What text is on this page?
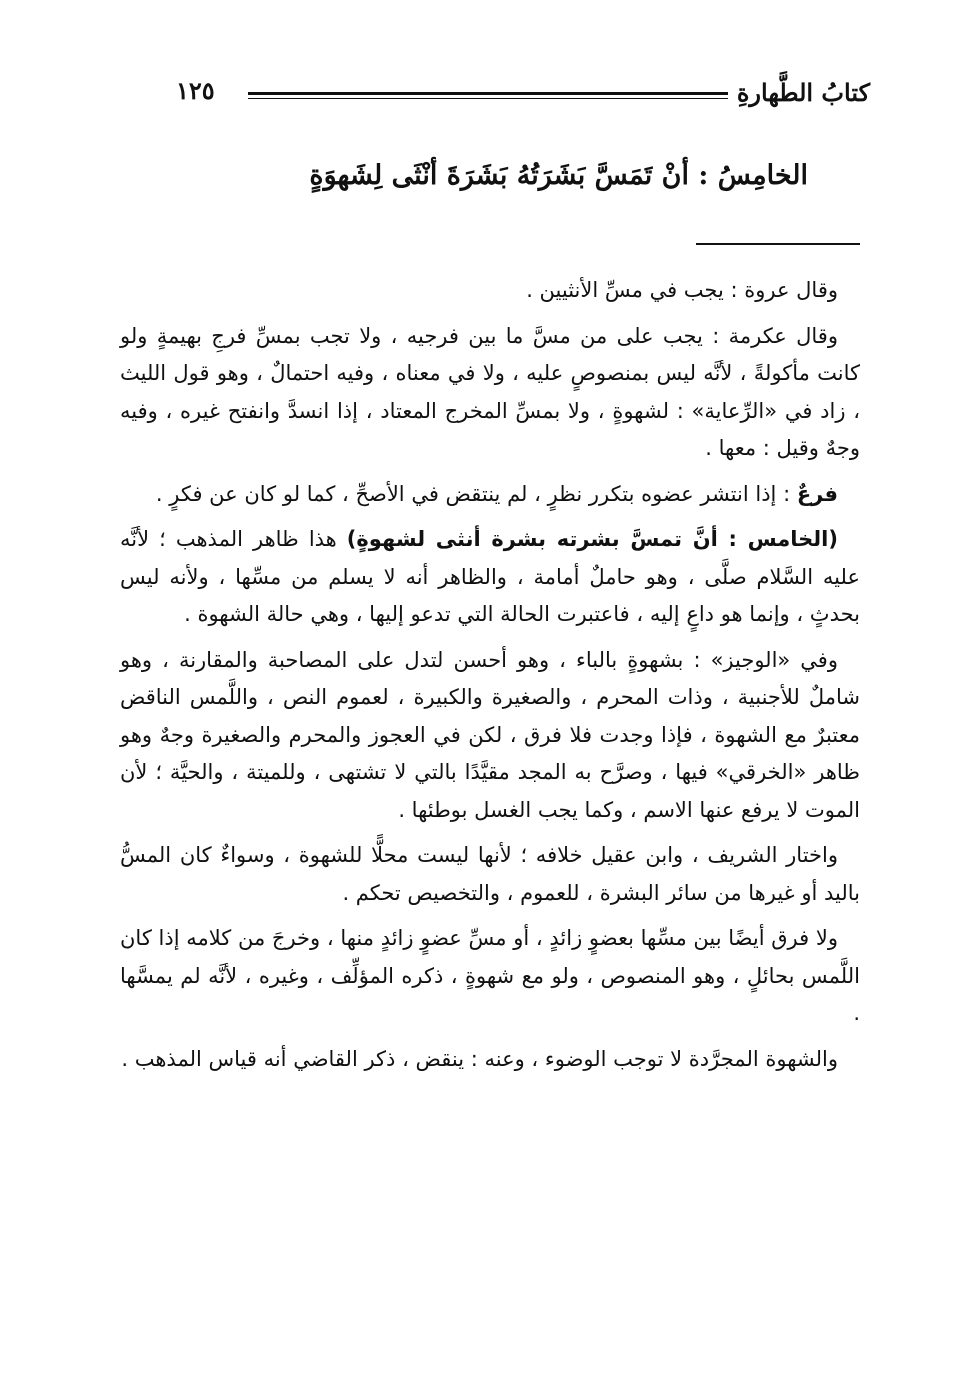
كتابُ الطَّهارةِ
١٢٥
الخامِسُ : أنْ تَمَسَّ بَشَرَتُهُ بَشَرَةَ أنْثَى لِشَهوَةٍ

وقال عروة : يجب في مسِّ الأنثيين .

وقال عكرمة : يجب على من مسَّ ما بين فرجيه ، ولا تجب بمسِّ فرجِ بهيمةٍ ولو كانت مأكولةً ، لأنَّه ليس بمنصوصٍ عليه ، ولا في معناه ، وفيه احتمالٌ ، وهو قول الليث ، زاد في «الرِّعاية» : لشهوةٍ ، ولا بمسِّ المخرج المعتاد ، إذا انسدَّ وانفتح غيره ، وفيه وجهٌ وقيل : معها .

فرعٌ : إذا انتشر عضوه بتكرر نظرٍ ، لم ينتقض في الأصحِّ ، كما لو كان عن فكرٍ .

(الخامس : أنَّ تمسَّ بشرته بشرة أنثى لشهوةٍ) هذا ظاهر المذهب ؛ لأنَّه عليه السَّلام صلَّى ، وهو حاملٌ أمامة ، والظاهر أنه لا يسلم من مسِّها ، ولأنه ليس بحدثٍ ، وإنما هو داعٍ إليه ، فاعتبرت الحالة التي تدعو إليها ، وهي حالة الشهوة .

وفي «الوجيز» : بشهوةٍ بالباء ، وهو أحسن لتدل على المصاحبة والمقارنة ، وهو شاملٌ للأجنبية ، وذات المحرم ، والصغيرة والكبيرة ، لعموم النص ، واللَّمس الناقض معتبرٌ مع الشهوة ، فإذا وجدت فلا فرق ، لكن في العجوز والمحرم والصغيرة وجهٌ وهو ظاهر «الخرقي» فيها ، وصرَّح به المجد مقيَّدًا بالتي لا تشتهى ، وللميتة ، والحيَّة ؛ لأن الموت لا يرفع عنها الاسم ، وكما يجب الغسل بوطئها .

واختار الشريف ، وابن عقيل خلافه ؛ لأنها ليست محلًّا للشهوة ، وسواءٌ كان المسُّ باليد أو غيرها من سائر البشرة ، للعموم ، والتخصيص تحكم .

ولا فرق أيضًا بين مسِّها بعضوٍ زائدٍ ، أو مسِّ عضوٍ زائدٍ منها ، وخرجَ من كلامه إذا كان اللَّمس بحائلٍ ، وهو المنصوص ، ولو مع شهوةٍ ، ذكره المؤلِّف ، وغيره ، لأنَّه لم يمسَّها .

والشهوة المجرَّدة لا توجب الوضوء ، وعنه : ينقض ، ذكر القاضي أنه قياس المذهب .
